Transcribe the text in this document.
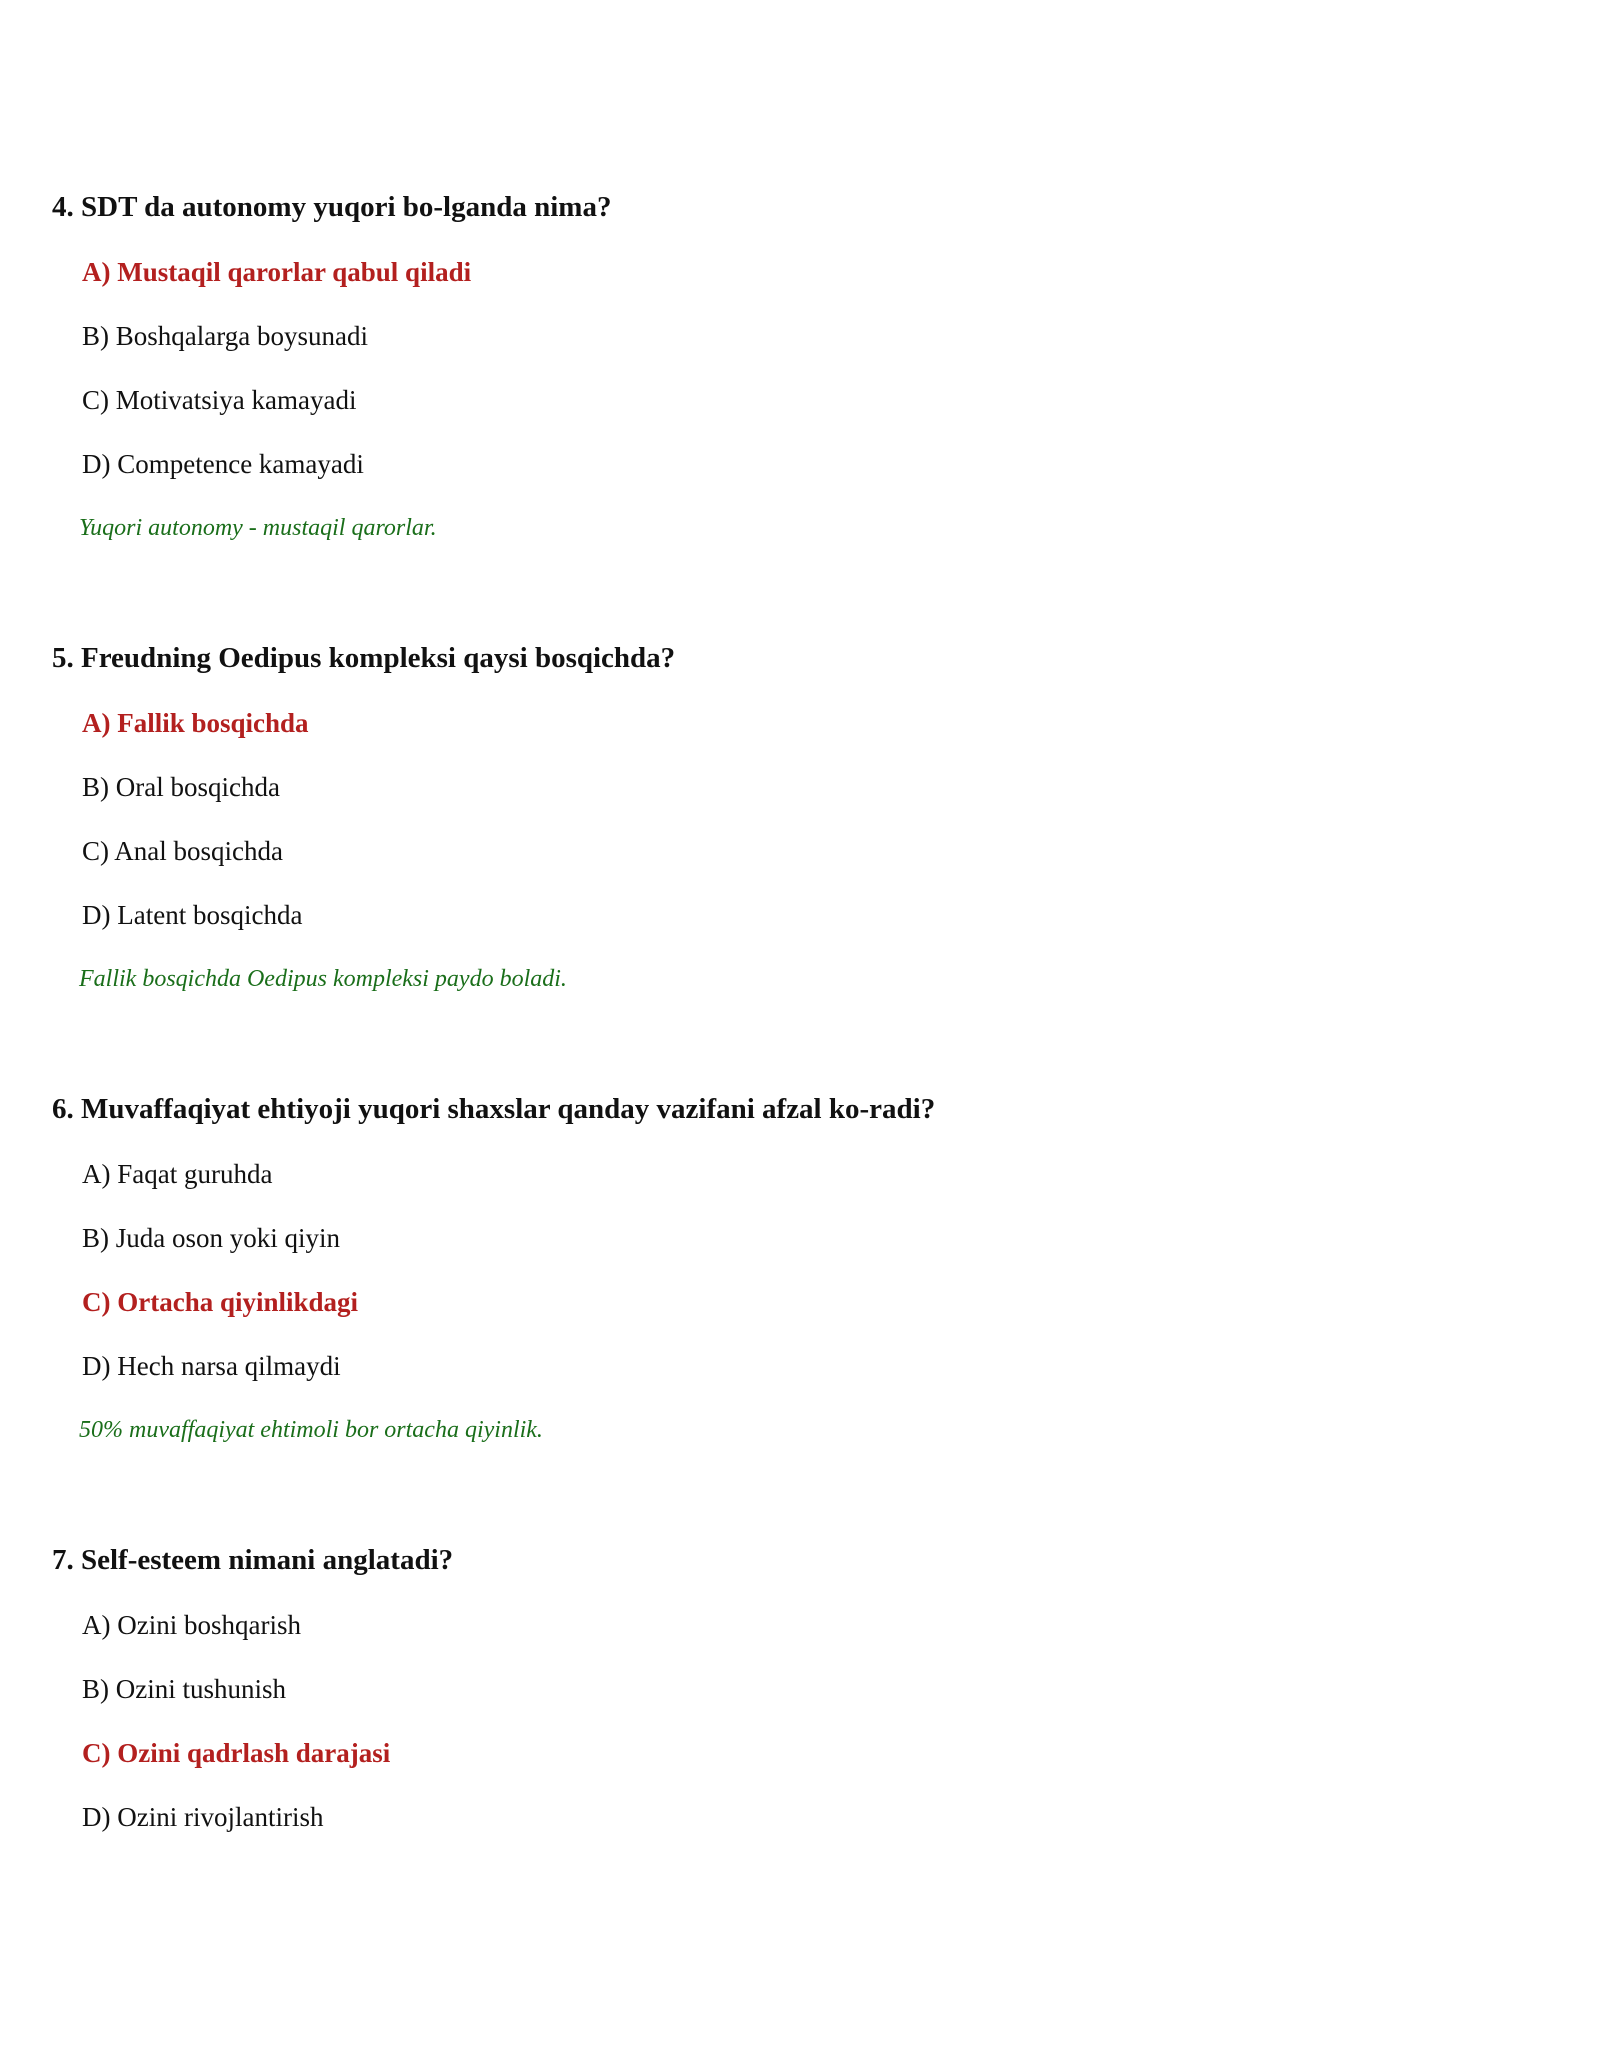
4. SDT da autonomy yuqori bo-lganda nima?
A) Mustaqil qarorlar qabul qiladi
B) Boshqalarga boysunadi
C) Motivatsiya kamayadi
D) Competence kamayadi
Yuqori autonomy - mustaqil qarorlar.
5. Freudning Oedipus kompleksi qaysi bosqichda?
A) Fallik bosqichda
B) Oral bosqichda
C) Anal bosqichda
D) Latent bosqichda
Fallik bosqichda Oedipus kompleksi paydo boladi.
6. Muvaffaqiyat ehtiyoji yuqori shaxslar qanday vazifani afzal ko-radi?
A) Faqat guruhda
B) Juda oson yoki qiyin
C) Ortacha qiyinlikdagi
D) Hech narsa qilmaydi
50% muvaffaqiyat ehtimoli bor ortacha qiyinlik.
7. Self-esteem nimani anglatadi?
A) Ozini boshqarish
B) Ozini tushunish
C) Ozini qadrlash darajasi
D) Ozini rivojlantirish
